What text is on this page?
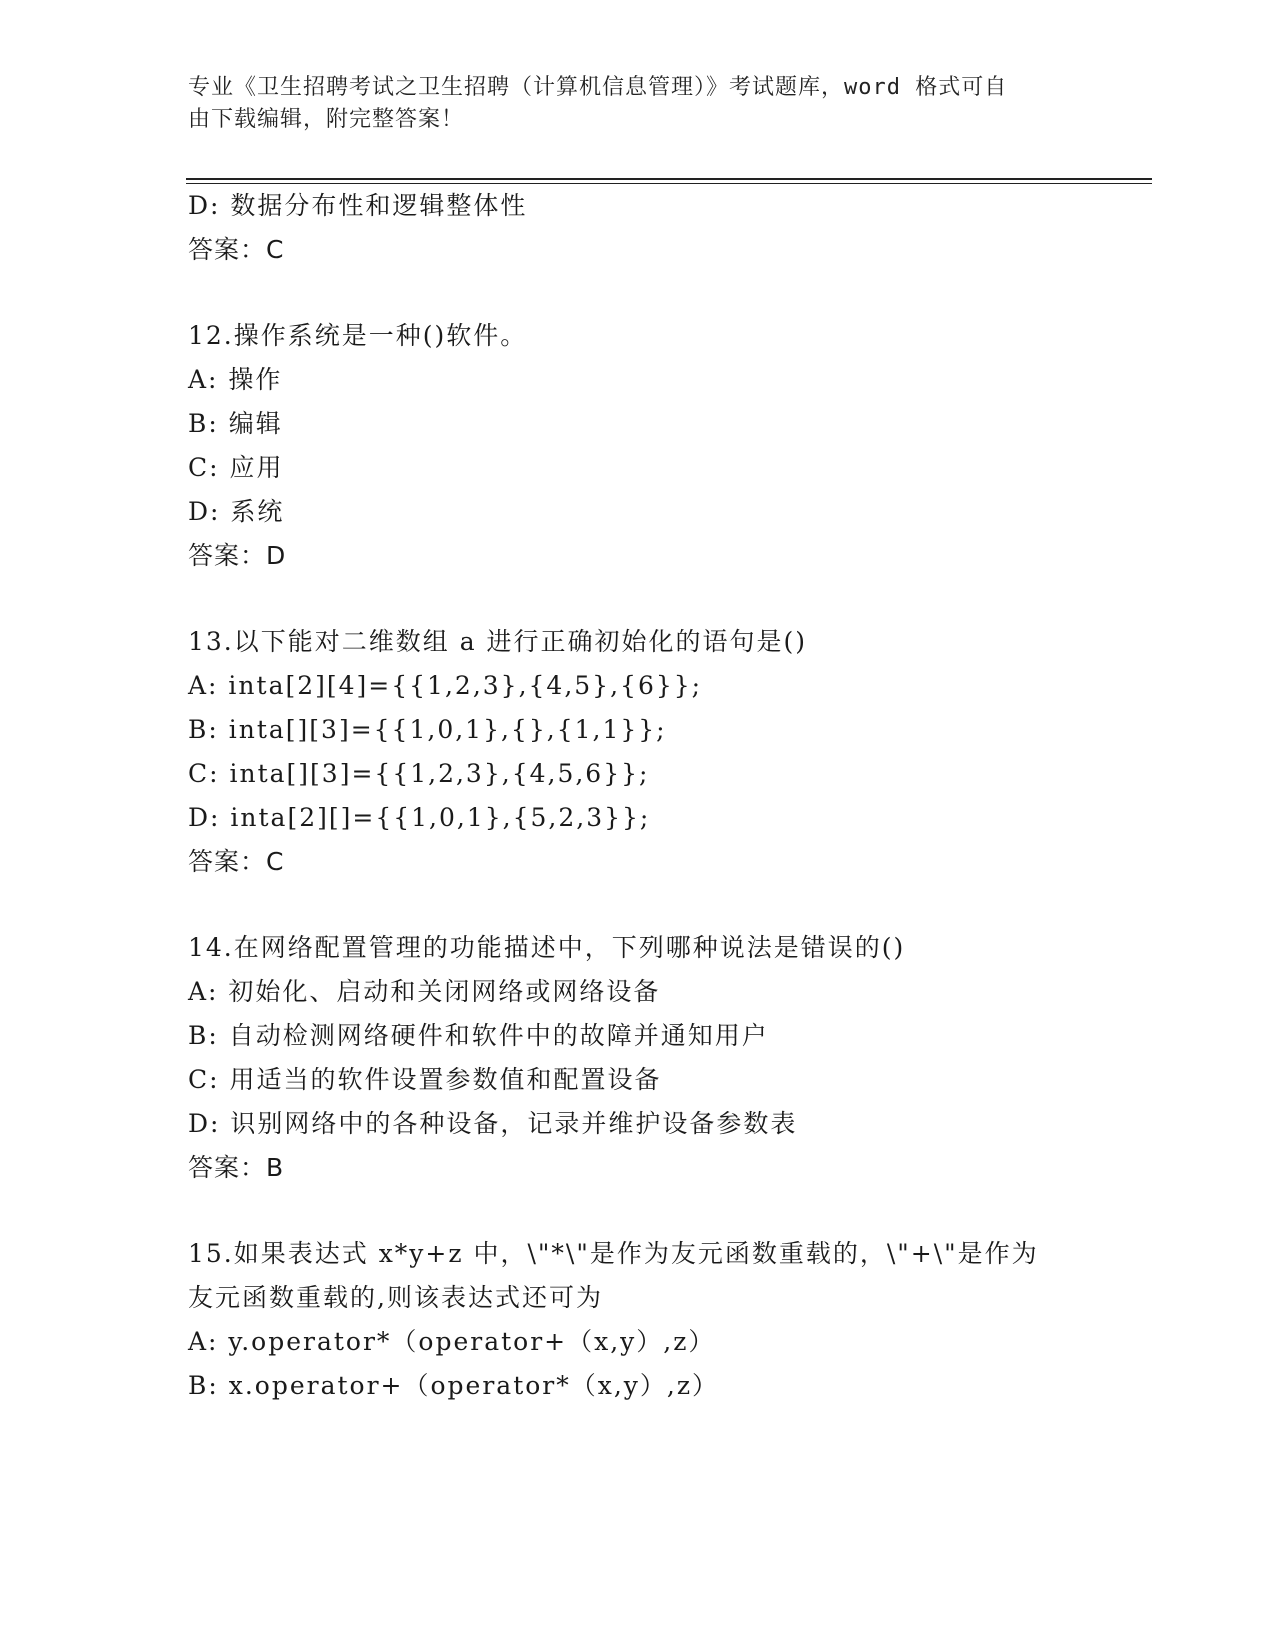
专业《卫生招聘考试之卫生招聘（计算机信息管理）》考试题库，word 格式可自
由下载编辑，附完整答案！
D: 数据分布性和逻辑整体性
答案：C
12.操作系统是一种()软件。
A: 操作
B: 编辑
C: 应用
D: 系统
答案：D
13.以下能对二维数组 a 进行正确初始化的语句是()
A: inta[2][4]={{1,2,3},{4,5},{6}};
B: inta[][3]={{1,0,1},{},{1,1}};
C: inta[][3]={{1,2,3},{4,5,6}};
D: inta[2][]={{1,0,1},{5,2,3}};
答案：C
14.在网络配置管理的功能描述中，下列哪种说法是错误的()
A: 初始化、启动和关闭网络或网络设备
B: 自动检测网络硬件和软件中的故障并通知用户
C: 用适当的软件设置参数值和配置设备
D: 识别网络中的各种设备，记录并维护设备参数表
答案：B
15.如果表达式 x*y+z 中，\"*\"是作为友元函数重载的，\"+\"是作为
友元函数重载的,则该表达式还可为
A: y.operator*（operator+（x,y）,z）
B: x.operator+（operator*（x,y）,z）
